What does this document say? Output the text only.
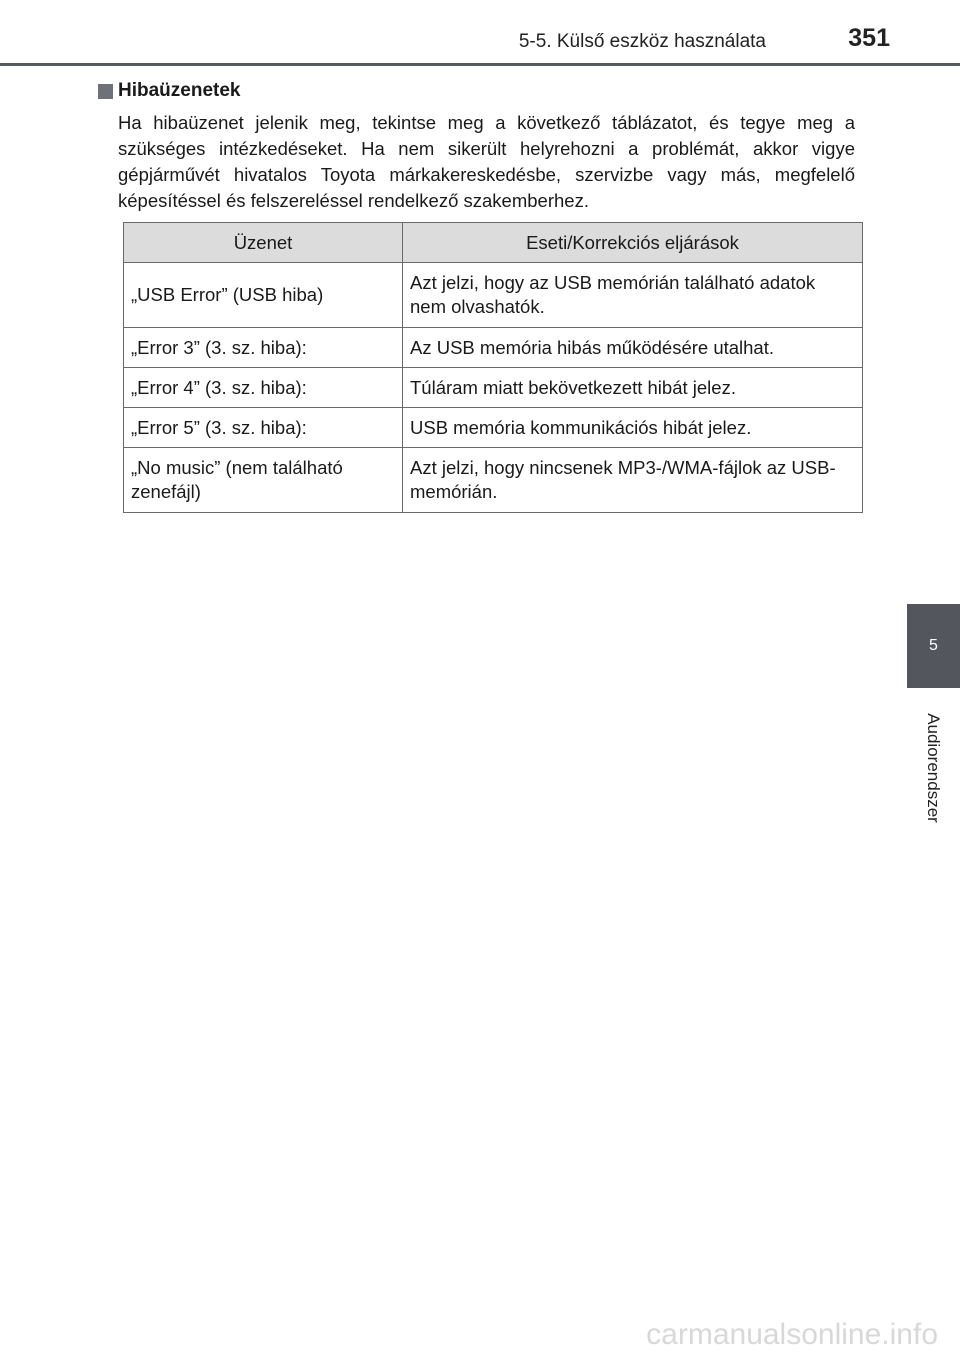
5-5. Külső eszköz használata	351
Hibaüzenetek
Ha hibaüzenet jelenik meg, tekintse meg a következő táblázatot, és tegye meg a szükséges intézkedéseket. Ha nem sikerült helyrehozni a problémát, akkor vigye gépjárművét hivatalos Toyota márkakereskedésbe, szervizbe vagy más, megfelelő képesítéssel és felszereléssel rendelkező szakemberhez.
Üzenet	Eseti/Korrekciós eljárások
„USB Error” (USB hiba)	Azt jelzi, hogy az USB memórián található adatok nem olvashatók.
„Error 3” (3. sz. hiba):	Az USB memória hibás működésére utalhat.
„Error 4” (3. sz. hiba):	Túláram miatt bekövetkezett hibát jelez.
„Error 5” (3. sz. hiba):	USB memória kommunikációs hibát jelez.
„No music” (nem található zenefájl)	Azt jelzi, hogy nincsenek MP3-/WMA-fájlok az USB-memórián.
5
Audiorendszer
carmanualsonline.info
